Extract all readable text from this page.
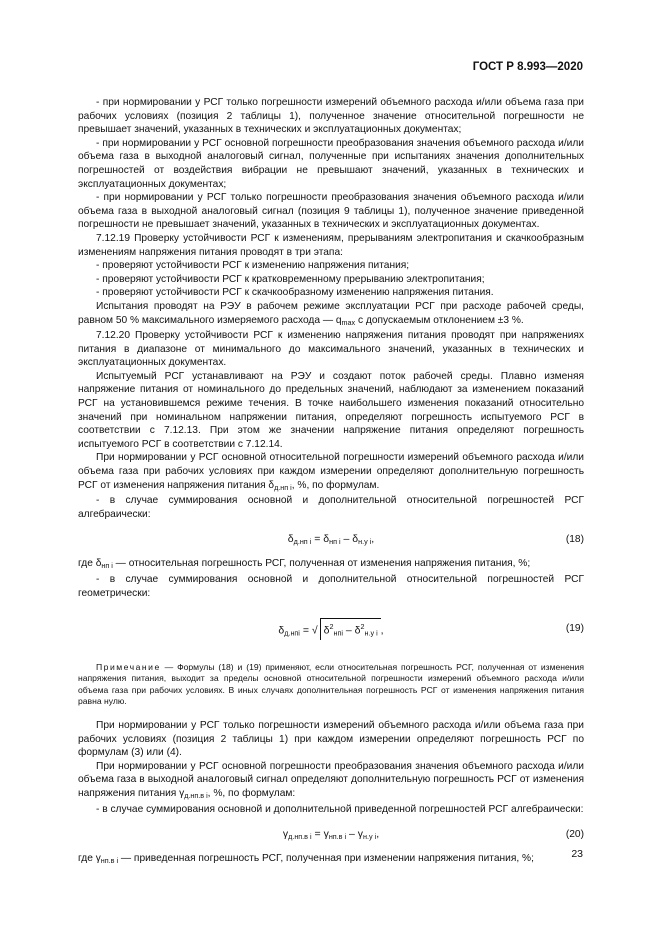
ГОСТ Р 8.993—2020

- при нормировании у РСГ только погрешности измерений объемного расхода и/или объема газа при рабочих условиях (позиция 2 таблицы 1), полученное значение относительной погрешности не превышает значений, указанных в технических и эксплуатационных документах;

- при нормировании у РСГ основной погрешности преобразования значения объемного расхода и/или объема газа в выходной аналоговый сигнал, полученные при испытаниях значения дополнительных погрешностей от воздействия вибрации не превышают значений, указанных в технических и эксплуатационных документах;

- при нормировании у РСГ только погрешности преобразования значения объемного расхода и/или объема газа в выходной аналоговый сигнал (позиция 9 таблицы 1), полученное значение приведенной погрешности не превышает значений, указанных в технических и эксплуатационных документах.

7.12.19 Проверку устойчивости РСГ к изменениям, прерываниям электропитания и скачкообразным изменениям напряжения питания проводят в три этапа:

- проверяют устойчивости РСГ к изменению напряжения питания;

- проверяют устойчивости РСГ к кратковременному прерыванию электропитания;

- проверяют устойчивости РСГ к скачкообразному изменению напряжения питания.

Испытания проводят на РЭУ в рабочем режиме эксплуатации РСГ при расходе рабочей среды, равном 50 % максимального измеряемого расхода — $q_{max}$ с допускаемым отклонением ±3 %.

7.12.20 Проверку устойчивости РСГ к изменению напряжения питания проводят при напряжениях питания в диапазоне от минимального до максимального значений, указанных в технических и эксплуатационных документах.

Испытуемый РСГ устанавливают на РЭУ и создают поток рабочей среды. Плавно изменяя напряжение питания от номинального до предельных значений, наблюдают за изменением показаний РСГ на установившемся режиме течения. В точке наибольшего изменения показаний относительно значений при номинальном напряжении питания, определяют погрешность испытуемого РСГ в соответствии с 7.12.13. При этом же значении напряжение питания определяют погрешность испытуемого РСГ в соответствии с 7.12.14.

При нормировании у РСГ основной относительной погрешности измерений объемного расхода и/или объема газа при рабочих условиях при каждом измерении определяют дополнительную погрешность РСГ от изменения напряжения питания $\delta_{д.нп i}$, %, по формулам.

- в случае суммирования основной и дополнительной относительной погрешностей РСГ алгебраически:

$\delta_{д.нп i} = \delta_{нп i} - \delta_{н.у i}$,	(18)

где $\delta_{нп i}$ — относительная погрешность РСГ, полученная от изменения напряжения питания, %;

- в случае суммирования основной и дополнительной относительной погрешностей РСГ геометрически:

$\delta_{д.нпi}$ = √ $\delta^2_{нпi} - \delta^2_{н.у i}$ ,	(19)

Примечание — Формулы (18) и (19) применяют, если относительная погрешность РСГ, полученная от изменения напряжения питания, выходит за пределы основной относительной погрешности измерений объемного расхода и/или объема газа при рабочих условиях. В иных случаях дополнительная погрешность РСГ от изменения напряжения питания равна нулю.

При нормировании у РСГ только погрешности измерений объемного расхода и/или объема газа при рабочих условиях (позиция 2 таблицы 1) при каждом измерении определяют погрешность РСГ по формулам (3) или (4).

При нормировании у РСГ основной погрешности преобразования значения объемного расхода и/или объема газа в выходной аналоговый сигнал определяют дополнительную погрешность РСГ от изменения напряжения питания $\gamma_{д.нп.в i}$, %, по формулам:

- в случае суммирования основной и дополнительной приведенной погрешностей РСГ алгебраически:

$\gamma_{д.нп.в i} = \gamma_{нп.в i} - \gamma_{н.у i}$,	(20)

где $\gamma_{нп.в i}$ — приведенная погрешность РСГ, полученная при изменении напряжения питания, %;	23
